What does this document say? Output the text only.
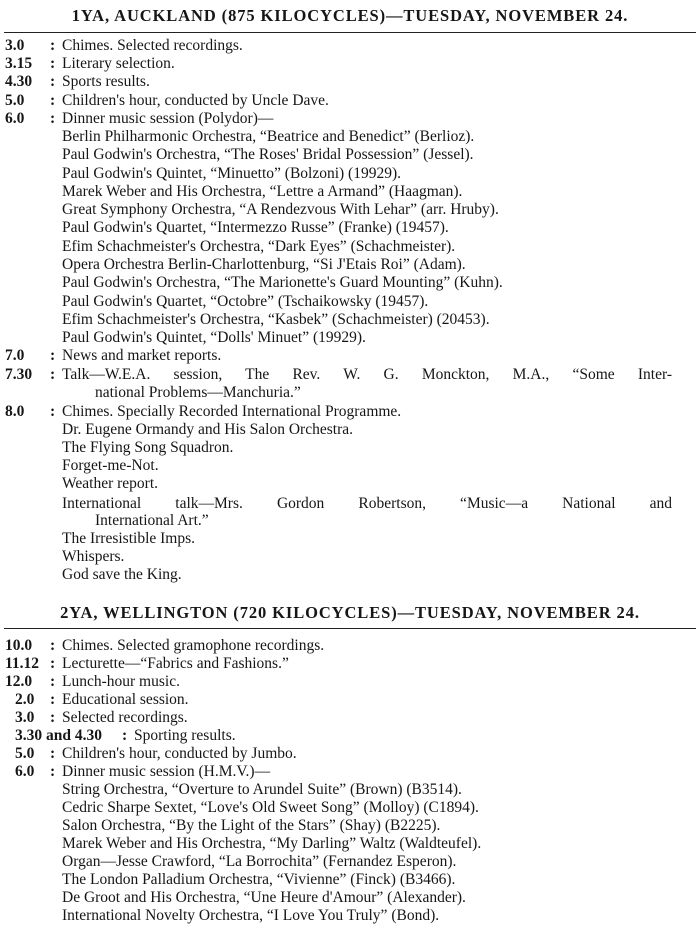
1YA, AUCKLAND (875 KILOCYCLES)—TUESDAY, NOVEMBER 24.
3.0 : Chimes. Selected recordings.
3.15 : Literary selection.
4.30 : Sports results.
5.0 : Children's hour, conducted by Uncle Dave.
6.0 : Dinner music session (Polydor)—
Berlin Philharmonic Orchestra, “Beatrice and Benedict” (Berlioz).
Paul Godwin's Orchestra, “The Roses' Bridal Possession” (Jessel).
Paul Godwin's Quintet, “Minuetto” (Bolzoni) (19929).
Marek Weber and His Orchestra, “Lettre a Armand” (Haagman).
Great Symphony Orchestra, “A Rendezvous With Lehar” (arr. Hruby).
Paul Godwin's Quartet, “Intermezzo Russe” (Franke) (19457).
Efim Schachmeister's Orchestra, “Dark Eyes” (Schachmeister).
Opera Orchestra Berlin-Charlottenburg, “Si J'Etais Roi” (Adam).
Paul Godwin's Orchestra, “The Marionette's Guard Mounting” (Kuhn).
Paul Godwin's Quartet, “Octobre” (Tschaikowsky (19457).
Efim Schachmeister's Orchestra, “Kasbek” (Schachmeister) (20453).
Paul Godwin's Quintet, “Dolls' Minuet” (19929).
7.0 : News and market reports.
7.30 : Talk—W.E.A. session, The Rev. W. G. Monckton, M.A., “Some Inter-
national Problems—Manchuria.”
8.0 : Chimes. Specially Recorded International Programme.
Dr. Eugene Ormandy and His Salon Orchestra.
The Flying Song Squadron.
Forget-me-Not.
Weather report.
International talk—Mrs. Gordon Robertson, “Music—a National and
International Art.”
The Irresistible Imps.
Whispers.
God save the King.
2YA, WELLINGTON (720 KILOCYCLES)—TUESDAY, NOVEMBER 24.
10.0 : Chimes. Selected gramophone recordings.
11.12 : Lecturette—“Fabrics and Fashions.”
12.0 : Lunch-hour music.
2.0 : Educational session.
3.0 : Selected recordings.
3.30 and 4.30 : Sporting results.
5.0 : Children's hour, conducted by Jumbo.
6.0 : Dinner music session (H.M.V.)—
String Orchestra, “Overture to Arundel Suite” (Brown) (B3514).
Cedric Sharpe Sextet, “Love's Old Sweet Song” (Molloy) (C1894).
Salon Orchestra, “By the Light of the Stars” (Shay) (B2225).
Marek Weber and His Orchestra, “My Darling” Waltz (Waldteufel).
Organ—Jesse Crawford, “La Borrochita” (Fernandez Esperon).
The London Palladium Orchestra, “Vivienne” (Finck) (B3466).
De Groot and His Orchestra, “Une Heure d'Amour” (Alexander).
International Novelty Orchestra, “I Love You Truly” (Bond).
